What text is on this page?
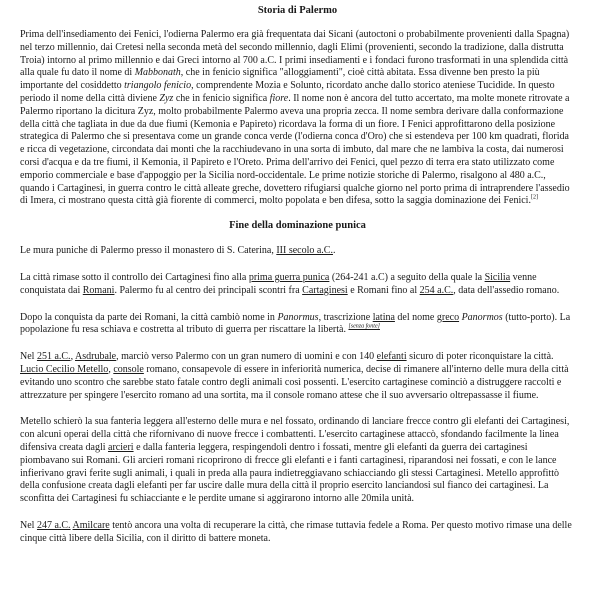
Storia di Palermo

Prima dell'insediamento dei Fenici, l'odierna Palermo era già frequentata dai Sicani (autoctoni o probabilmente provenienti dalla Spagna) nel terzo millennio, dai Cretesi nella seconda metà del secondo millennio, dagli Elimi (provenienti, secondo la tradizione, dalla distrutta Troia) intorno al primo millennio e dai Greci intorno al 700 a.C. I primi insediamenti e i fondaci furono trasformati in una splendida città alla quale fu dato il nome di Mabbonath, che in fenicio significa "alloggiamenti", cioè città abitata. Essa divenne ben presto la più importante del cosiddetto triangolo fenicio, comprendente Mozia e Solunto, ricordato anche dallo storico ateniese Tucidide. In questo periodo il nome della città diviene Zyz che in fenicio significa fiore. Il nome non è ancora del tutto accertato, ma molte monete ritrovate a Palermo riportano la dicitura Zyz, molto probabilmente Palermo aveva una propria zecca. Il nome sembra derivare dalla conformazione della città che tagliata in due da due fiumi (Kemonia e Papireto) ricordava la forma di un fiore. I Fenici approfittarono della posizione strategica di Palermo che si presentava come un grande conca verde (l'odierna conca d'Oro) che si estendeva per 100 km quadrati, florida e ricca di vegetazione, circondata dai monti che la racchiudevano in una sorta di imbuto, dal mare che ne lambiva la costa, dai numerosi corsi d'acqua e da tre fiumi, il Kemonia, il Papireto e l'Oreto. Prima dell'arrivo dei Fenici, quel pezzo di terra era stato utilizzato come emporio commerciale e base d'appoggio per la Sicilia nord-occidentale. Le prime notizie storiche di Palermo, risalgono al 480 a.C., quando i Cartaginesi, in guerra contro le città alleate greche, dovettero rifugiarsi qualche giorno nel porto prima di intraprendere l'assedio di Imera, ci mostrano questa città già fiorente di commerci, molto popolata e ben difesa, sotto la saggia dominazione dei Fenici.[2]

Fine della dominazione punica

Le mura puniche di Palermo presso il monastero di S. Caterina, III secolo a.C..

La città rimase sotto il controllo dei Cartaginesi fino alla prima guerra punica (264-241 a.C) a seguito della quale la Sicilia venne conquistata dai Romani. Palermo fu al centro dei principali scontri fra Cartaginesi e Romani fino al 254 a.C., data dell'assedio romano.

Dopo la conquista da parte dei Romani, la città cambiò nome in Panormus, trascrizione latina del nome greco Panormos (tutto-porto). La popolazione fu resa schiava e costretta al tributo di guerra per riscattare la libertà. [senza fonte]

Nel 251 a.C., Asdrubale, marciò verso Palermo con un gran numero di uomini e con 140 elefanti sicuro di poter riconquistare la città. Lucio Cecilio Metello, console romano, consapevole di essere in inferiorità numerica, decise di rimanere all'interno delle mura della città evitando uno scontro che sarebbe stato fatale contro degli animali così possenti. L'esercito cartaginese cominciò a distruggere raccolti e attrezzature per spingere l'esercito romano ad una sortita, ma il console romano attese che il suo avversario oltrepassasse il fiume.

Metello schierò la sua fanteria leggera all'esterno delle mura e nel fossato, ordinando di lanciare frecce contro gli elefanti dei Cartaginesi, con alcuni operai della città che rifornivano di nuove frecce i combattenti. L'esercito cartaginese attaccò, sfondando facilmente la linea difensiva creata dagli arcieri e dalla fanteria leggera, respingendoli dentro i fossati, mentre gli elefanti da guerra dei cartaginesi piombavano sui Romani. Gli arcieri romani ricoprirono di frecce gli elefanti e i fanti cartaginesi, riparandosi nei fossati, e con le lance infierivano gravi ferite sugli animali, i quali in preda alla paura indietreggiavano schiacciando gli stessi Cartaginesi. Metello approfittò della confusione creata dagli elefanti per far uscire dalle mura della città il proprio esercito lanciandosi sul fianco dei cartaginesi. La sconfitta dei Cartaginesi fu schiacciante e le perdite umane si aggirarono intorno alle 20mila unità.

Nel 247 a.C. Amilcare tentò ancora una volta di recuperare la città, che rimase tuttavia fedele a Roma. Per questo motivo rimase una delle cinque città libere della Sicilia, con il diritto di battere moneta.
